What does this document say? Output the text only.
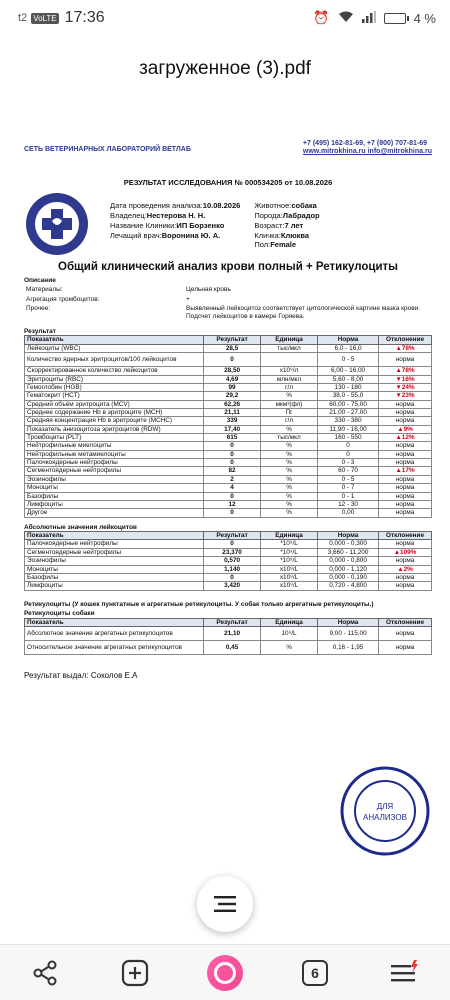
t2 VoLTE 17:36	⏰	4 %
загруженное (3).pdf
СЕТЬ ВЕТЕРИНАРНЫХ ЛАБОРАТОРИЙ ВЕТЛАБ
+7 (495) 162-81-69, +7 (800) 707-81-69
www.mitrokhina.ru info@mitrokhina.ru
РЕЗУЛЬТАТ ИССЛЕДОВАНИЯ № 000534205 от 10.08.2026
Дата проведения анализа:10.08.2026
Владелец:Нестерова Н. Н.
Название Клиники:ИП Борзенко
Лечащий врач:Воронина Ю. А.
Животное:собака
Порода:Лабрадор
Возраст:7 лет
Кличка:Клюква
Пол:Female
Общий клинический анализ крови полный + Ретикулоциты
Описание
Материалы:	Цельная кровь
Агрегация тромбоцитов:	+
Прочее:	Выявленный лейкоцитоз соответствует цитологической картине мазка крови. Подсчет лейкоцитов в камере Горяева.
Результат
Показатель	Результат	Единица	Норма	Отклонение
Лейкоциты (WBC)	28,5	тыс/мкл	6,0 - 16,0	▲78%
Количество ядерных эритроцитов/100 лейкоцитов	0		0 - 5	норма
Скорректированное количество лейкоцитов	28,50	x10⁹/л	6,00 - 16,00	▲78%
Эритроциты (RBC)	4,69	млн/мкл	5,60 - 8,00	▼16%
Гемоглобин (HGB)	99	г/л	130 - 180	▼24%
Гематокрит (HCT)	29,2	%	38,0 - 55,0	▼23%
Средний объём эритроцита (MCV)	62,26	мкм³(фл)	60,00 - 75,00	норма
Среднее содержание Hb в эритроците (MCH)	21,11	Пг	21,00 - 27,00	норма
Средняя концентрация Hb в эритроците (MCHC)	339	г/л	330 - 380	норма
Показатель анизоцитоза эритроцитов (RDW)	17,40	%	11,90 - 16,00	▲9%
Тромбоциты (PLT)	615	тыс/мкл	160 - 550	▲12%
Нейтрофильные миелоциты	0	%	0	норма
Нейтрофильные метамиелоциты	0	%	0	норма
Палочкоядерные нейтрофилы	0	%	0 - 3	норма
Сегментоядерные нейтрофилы	82	%	60 - 70	▲17%
Эозинофилы	2	%	0 - 5	норма
Моноциты	4	%	0 - 7	норма
Базофилы	0	%	0 - 1	норма
Лимфоциты	12	%	12 - 30	норма
Другое	0	%	0,00	норма
Абсолютные значения лейкоцитов
Показатель	Результат	Единица	Норма	Отклонение
Палочкоядерные нейтрофилы	0	*10⁹/L	0,000 - 0,300	норма
Сегментоядерные нейтрофилы	23,370	*10⁹/L	3,660 - 11,200	▲109%
Эозинофилы	0,570	*10⁹/L	0,000 - 0,800	норма
Моноциты	1,140	x10⁹/L	0,000 - 1,120	▲2%
Базофилы	0	x10⁹/L	0,000 - 0,190	норма
Лимфоциты	3,420	x10⁹/L	0,720 - 4,800	норма
Ретикулоциты (У кошек пунктатные и агрегатные ретикулоциты. У собак только агрегатные ретикулоциты.)
Ретикулоциты собаки
Показатель	Результат	Единица	Норма	Отклонение
Абсолютное значение агрегатных ретикулоцитов	21,10	10⁹/L	9,00 - 115,00	норма
Относительное значение агрегатных ретикулоцитов	0,45	%	0,16 - 1,95	норма
Результат выдал: Соколов Е.А
ДЛЯ
АНАЛИЗОВ
6
